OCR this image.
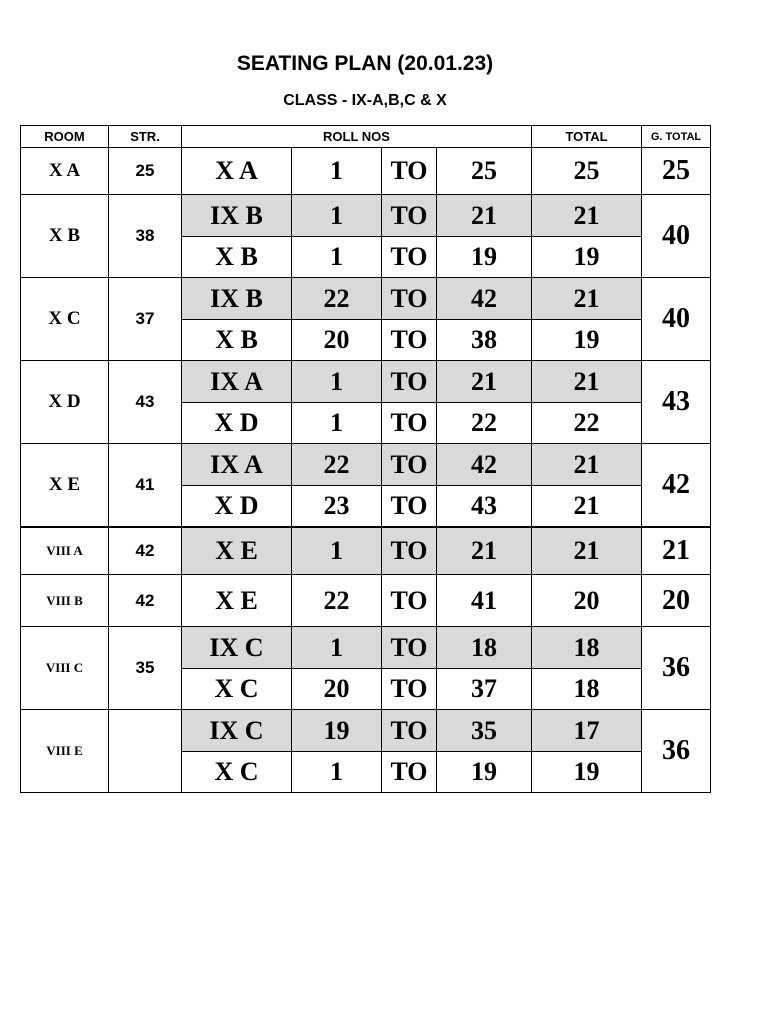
SEATING PLAN (20.01.23)
CLASS - IX-A,B,C & X
ROOM	STR.	ROLL NOS				TOTAL	G. TOTAL
X A	25	X A	1	TO	25	25	25
X B	38	IX B	1	TO	21	21	40
		X B	1	TO	19	19	
X C	37	IX B	22	TO	42	21	40
		X B	20	TO	38	19	
X D	43	IX A	1	TO	21	21	43
		X D	1	TO	22	22	
X E	41	IX A	22	TO	42	21	42
		X D	23	TO	43	21	
VIII A	42	X E	1	TO	21	21	21
VIII B	42	X E	22	TO	41	20	20
VIII C	35	IX C	1	TO	18	18	36
		X C	20	TO	37	18	
VIII E		IX C	19	TO	35	17	36
		X C	1	TO	19	19	
